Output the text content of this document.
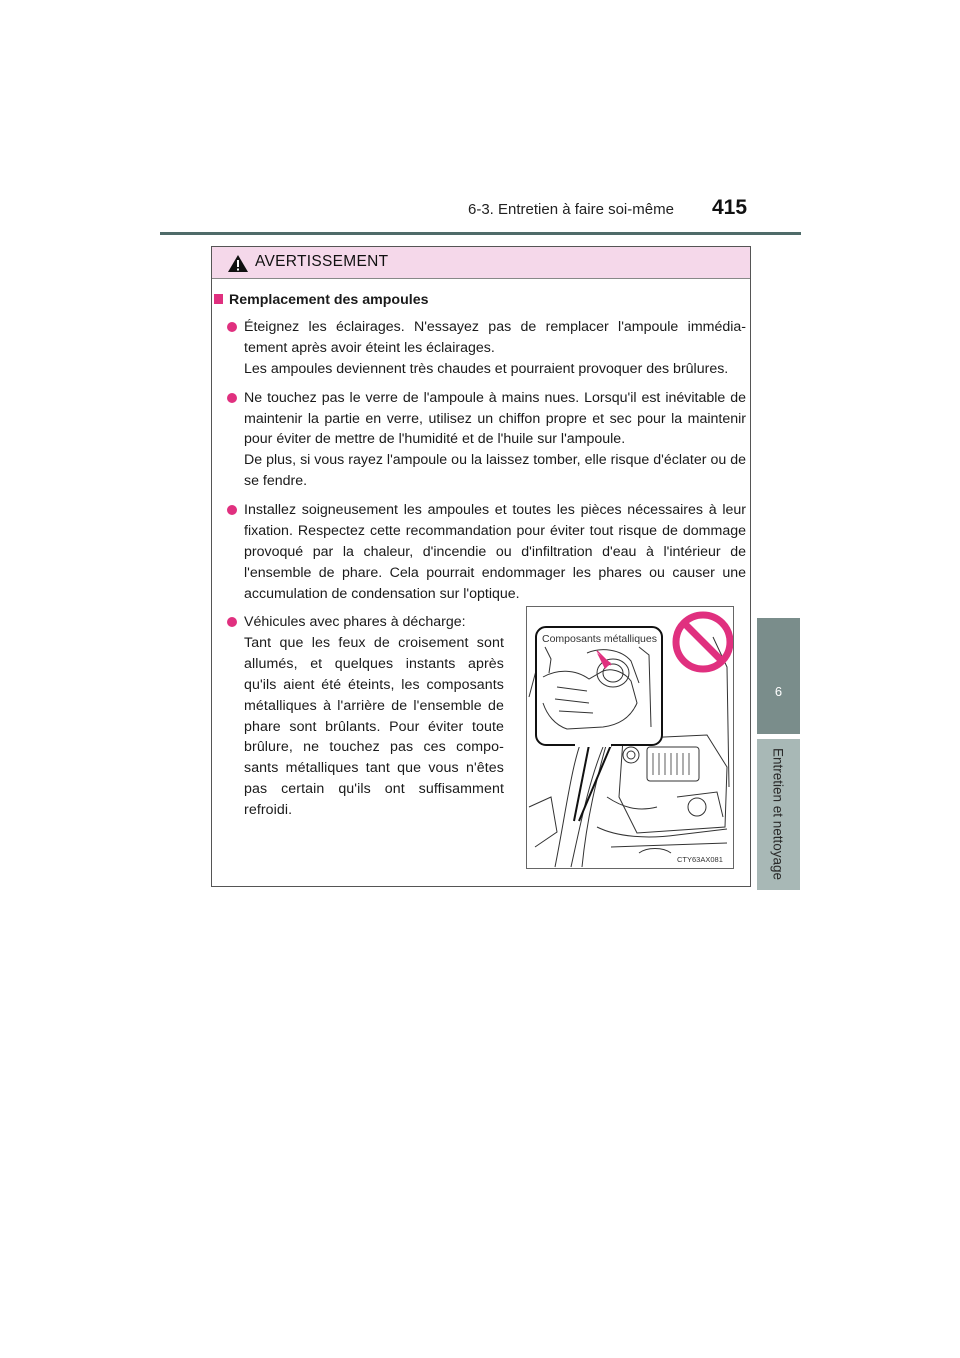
6-3. Entretien à faire soi-même 415
6
Entretien et nettoyage
AVERTISSEMENT
Remplacement des ampoules

Éteignez les éclairages. N'essayez pas de remplacer l'ampoule immédia-tement après avoir éteint les éclairages.

Les ampoules deviennent très chaudes et pourraient provoquer des brûlures.

Ne touchez pas le verre de l'ampoule à mains nues. Lorsqu'il est inévitable de maintenir la partie en verre, utilisez un chiffon propre et sec pour la maintenir pour éviter de mettre de l'humidité et de l'huile sur l'ampoule.

De plus, si vous rayez l'ampoule ou la laissez tomber, elle risque d'éclater ou de se fendre.

Installez soigneusement les ampoules et toutes les pièces nécessaires à leur fixation. Respectez cette recommandation pour éviter tout risque de dommage provoqué par la chaleur, d'incendie ou d'infiltration d'eau à l'intérieur de l'ensemble de phare. Cela pourrait endommager les phares ou causer une accumulation de condensation sur l'optique.

Véhicules avec phares à décharge:

Tant que les feux de croisement sont allumés, et quelques instants après qu'ils aient été éteints, les composants métalliques à l'arrière de l'ensemble de phare sont brûlants. Pour éviter toute brûlure, ne touchez pas ces compo-sants métalliques tant que vous n'êtes pas certain qu'ils ont suffisamment refroidi.

Composants métalliques
CTY63AX081
